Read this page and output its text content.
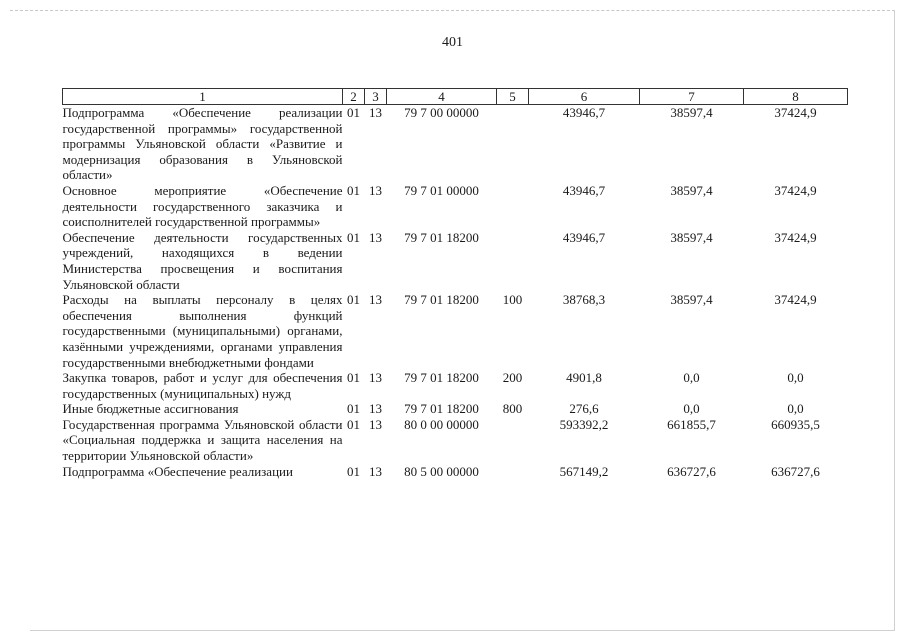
401
1	2	3	4	5	6	7	8
Подпрограмма «Обеспечение реализации государственной программы» государственной программы Ульяновской области «Развитие и модернизация образования в Ульяновской области»	01	13	79 7 00 00000		43946,7	38597,4	37424,9
Основное мероприятие «Обеспечение деятельности государственного заказчика и соисполнителей государственной программы»	01	13	79 7 01 00000		43946,7	38597,4	37424,9
Обеспечение деятельности государственных учреждений, находящихся в ведении Министерства просвещения и воспитания Ульяновской области	01	13	79 7 01 18200		43946,7	38597,4	37424,9
Расходы на выплаты персоналу в целях обеспечения выполнения функций государственными (муниципальными) органами, казёнными учреждениями, органами управления государственными внебюджетными фондами	01	13	79 7 01 18200	100	38768,3	38597,4	37424,9
Закупка товаров, работ и услуг для обеспечения государственных (муниципальных) нужд	01	13	79 7 01 18200	200	4901,8	0,0	0,0
Иные бюджетные ассигнования	01	13	79 7 01 18200	800	276,6	0,0	0,0
Государственная программа Ульяновской области «Социальная поддержка и защита населения на территории Ульяновской области»	01	13	80 0 00 00000		593392,2	661855,7	660935,5
Подпрограмма «Обеспечение реализации	01	13	80 5 00 00000		567149,2	636727,6	636727,6
